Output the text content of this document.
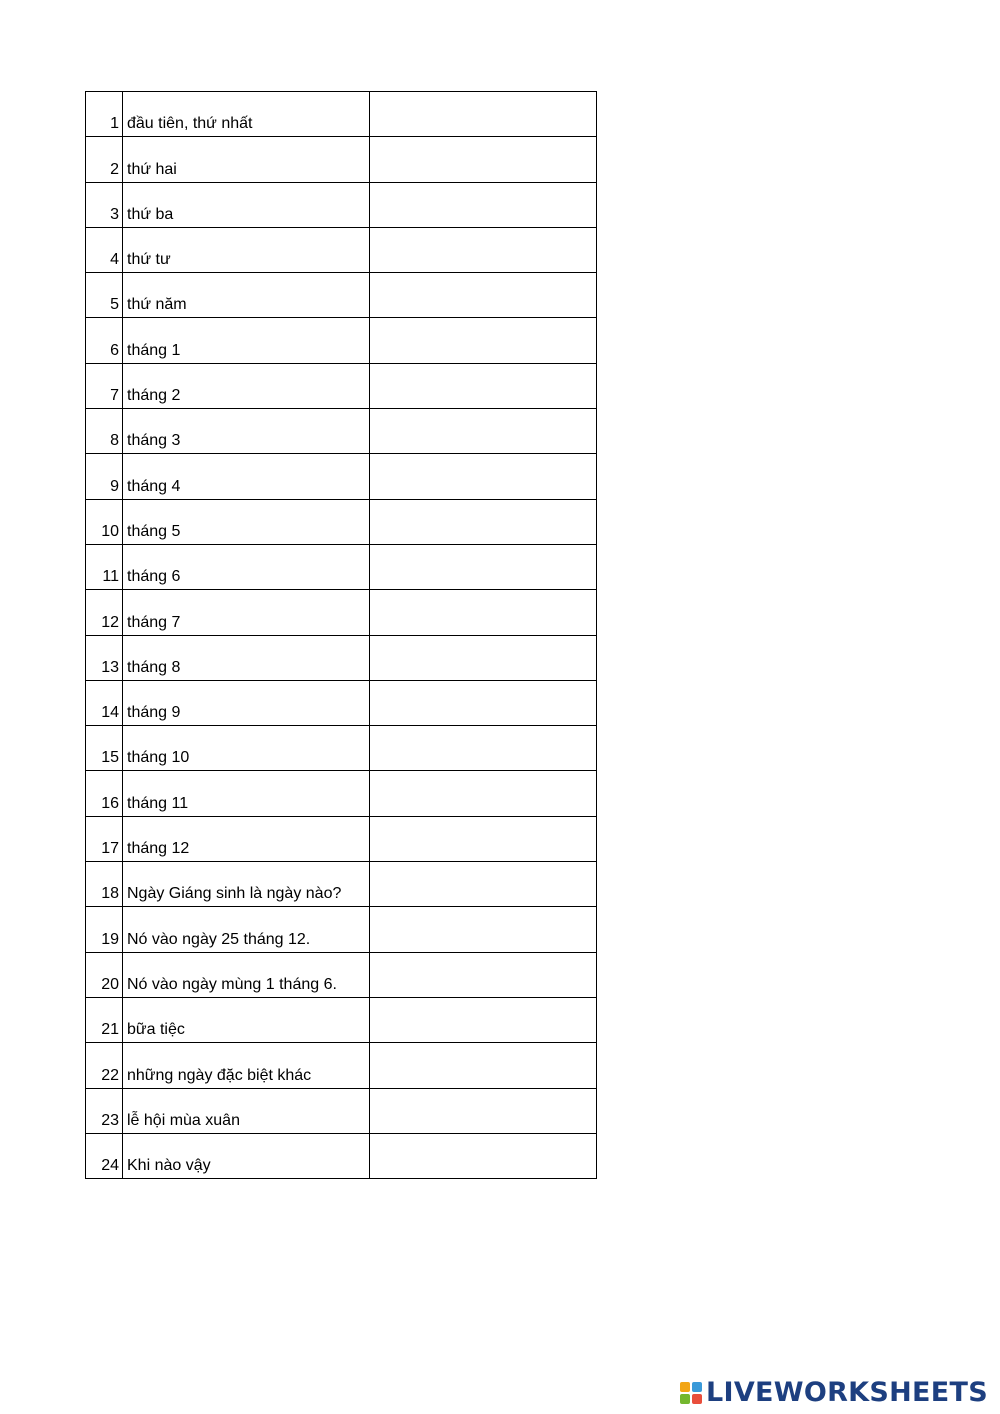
1	đầu tiên, thứ nhất

2	thứ hai

3	thứ ba

4	thứ tư

5	thứ năm

6	tháng 1

7	tháng 2

8	tháng 3

9	tháng 4

10	tháng 5

11	tháng 6

12	tháng 7

13	tháng 8

14	tháng 9

15	tháng 10

16	tháng 11

17	tháng 12

18	Ngày Giáng sinh là ngày nào?

19	Nó vào ngày 25 tháng 12.

20	Nó vào ngày mùng 1 tháng 6.

21	bữa tiệc

22	những ngày đặc biệt khác

23	lễ hội mùa xuân

24	Khi nào vậy

LIVEWORKSHEETS
